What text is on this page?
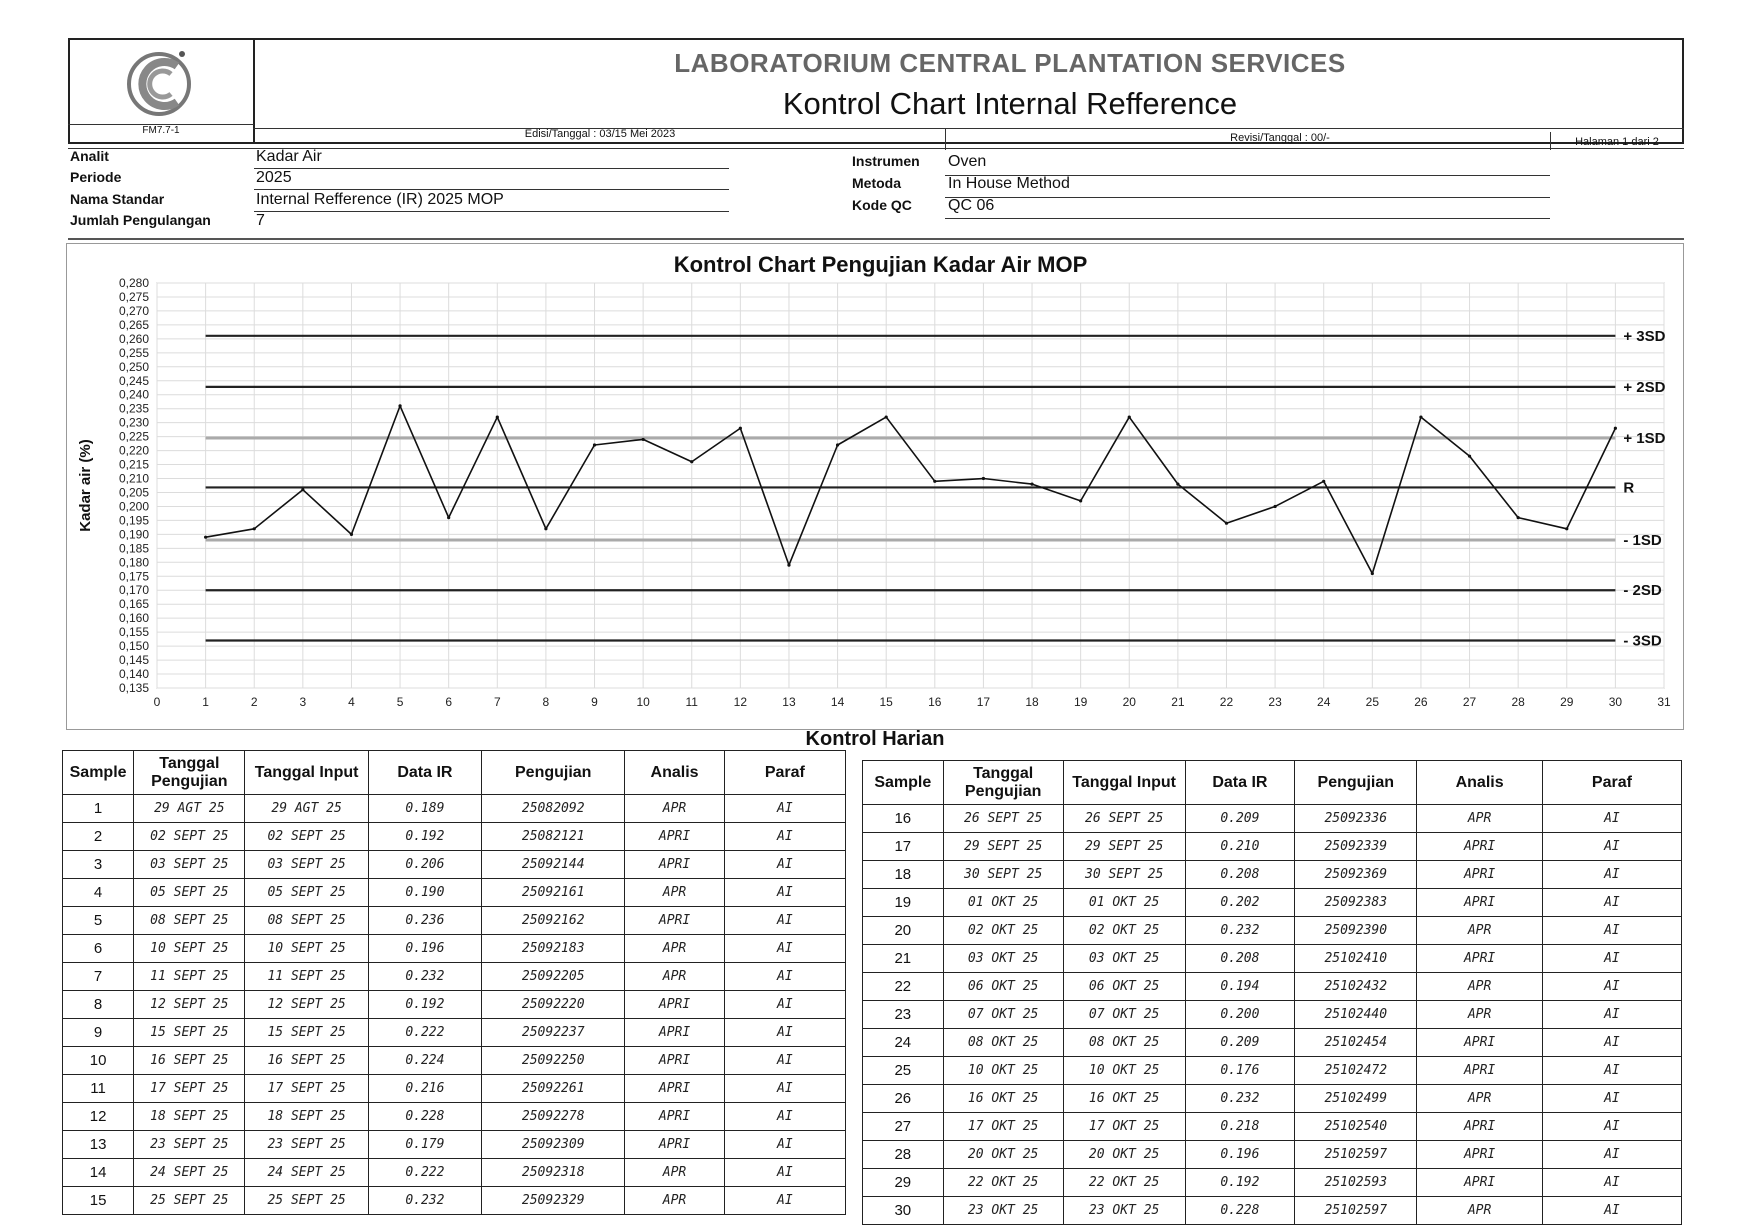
FM7.7-1
LABORATORIUM CENTRAL PLANTATION SERVICES
Kontrol Chart Internal Refference
Edisi/Tanggal : 03/15 Mei 2023	Revisi/Tanggal : 00/-	Halaman 1 dari 2
Analit	Kadar Air
Periode	2025
Nama Standar	Internal Refference (IR) 2025 MOP
Jumlah Pengulangan	7
Instrumen Oven
Metoda	In House Method
Kode QC QC 06
0,135
0,140
0,145
0,150
0,155
0,160
0,165
0,170
0,175
0,180
0,185
0,190
0,195
0,200
0,205
0,210
0,215
0,220
0,225
0,230
0,235
0,240
0,245
0,250
0,255
0,260
0,265
0,270
0,275
0,280
0	1	2	3	4	5	6	7	8	9	10	11	12	13	14	15	16	17	18	19	20	21	22	23	24	25	26	27	28	29	30	31
+ 3SD
+ 2SD
+ 1SD
R
- 1SD
- 2SD
- 3SD
Kontrol Chart Pengujian Kadar Air MOP
Kadar air (%)
Kontrol Harian
Sample	Tanggal Pengujian	Tanggal Input	Data IR	Pengujian	Analis	Paraf
1	29 AGT 25	29 AGT 25	0.189	25082092	APR	AI
2	02 SEPT 25	02 SEPT 25	0.192	25082121	APRI	AI
3	03 SEPT 25	03 SEPT 25	0.206	25092144	APRI	AI
4	05 SEPT 25	05 SEPT 25	0.190	25092161	APR	AI
5	08 SEPT 25	08 SEPT 25	0.236	25092162	APRI	AI
6	10 SEPT 25	10 SEPT 25	0.196	25092183	APR	AI
7	11 SEPT 25	11 SEPT 25	0.232	25092205	APR	AI
8	12 SEPT 25	12 SEPT 25	0.192	25092220	APRI	AI
9	15 SEPT 25	15 SEPT 25	0.222	25092237	APRI	AI
10	16 SEPT 25	16 SEPT 25	0.224	25092250	APRI	AI
11	17 SEPT 25	17 SEPT 25	0.216	25092261	APRI	AI
12	18 SEPT 25	18 SEPT 25	0.228	25092278	APRI	AI
13	23 SEPT 25	23 SEPT 25	0.179	25092309	APRI	AI
14	24 SEPT 25	24 SEPT 25	0.222	25092318	APR	AI
15	25 SEPT 25	25 SEPT 25	0.232	25092329	APR	AI
Sample	Tanggal Pengujian	Tanggal Input	Data IR	Pengujian	Analis	Paraf
16	26 SEPT 25	26 SEPT 25	0.209	25092336	APR	AI
17	29 SEPT 25	29 SEPT 25	0.210	25092339	APRI	AI
18	30 SEPT 25	30 SEPT 25	0.208	25092369	APRI	AI
19	01 OKT 25	01 OKT 25	0.202	25092383	APRI	AI
20	02 OKT 25	02 OKT 25	0.232	25092390	APR	AI
21	03 OKT 25	03 OKT 25	0.208	25102410	APRI	AI
22	06 OKT 25	06 OKT 25	0.194	25102432	APR	AI
23	07 OKT 25	07 OKT 25	0.200	25102440	APR	AI
24	08 OKT 25	08 OKT 25	0.209	25102454	APRI	AI
25	10 OKT 25	10 OKT 25	0.176	25102472	APRI	AI
26	16 OKT 25	16 OKT 25	0.232	25102499	APR	AI
27	17 OKT 25	17 OKT 25	0.218	25102540	APRI	AI
28	20 OKT 25	20 OKT 25	0.196	25102597	APRI	AI
29	22 OKT 25	22 OKT 25	0.192	25102593	APRI	AI
30	23 OKT 25	23 OKT 25	0.228	25102597	APR	AI
